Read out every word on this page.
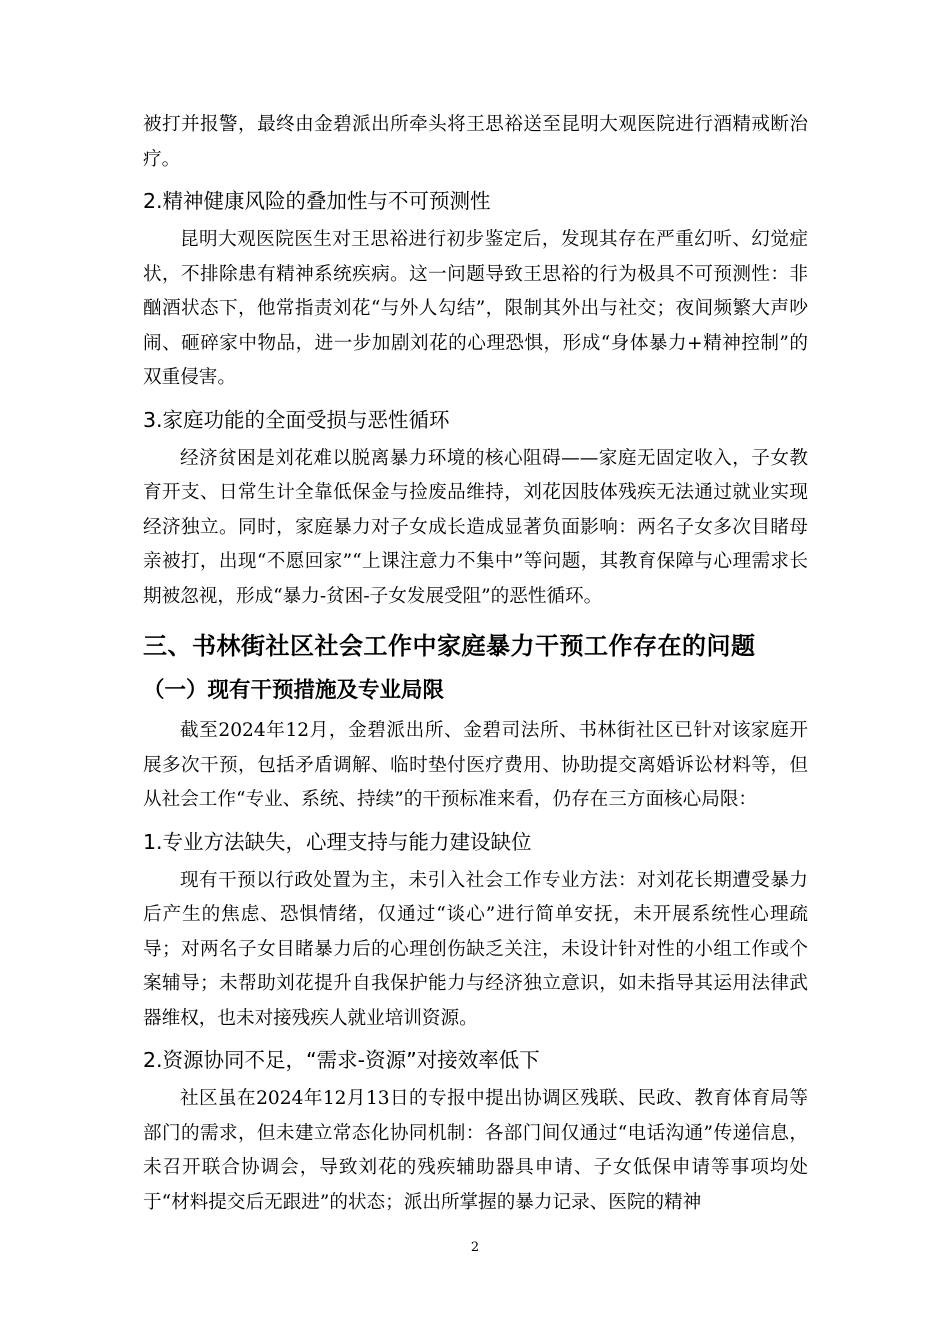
被打并报警，最终由金碧派出所牵头将王思裕送至昆明大观医院进行酒精戒断治疗。

2.精神健康风险的叠加性与不可预测性

昆明大观医院医生对王思裕进行初步鉴定后，发现其存在严重幻听、幻觉症状，不排除患有精神系统疾病。这一问题导致王思裕的行为极具不可预测性：非酗酒状态下，他常指责刘花“与外人勾结”，限制其外出与社交；夜间频繁大声吵闹、砸碎家中物品，进一步加剧刘花的心理恐惧，形成“身体暴力+精神控制”的双重侵害。

3.家庭功能的全面受损与恶性循环

经济贫困是刘花难以脱离暴力环境的核心阻碍——家庭无固定收入，子女教育开支、日常生计全靠低保金与捡废品维持，刘花因肢体残疾无法通过就业实现经济独立。同时，家庭暴力对子女成长造成显著负面影响：两名子女多次目睹母亲被打，出现“不愿回家”“上课注意力不集中”等问题，其教育保障与心理需求长期被忽视，形成“暴力-贫困-子女发展受阻”的恶性循环。

三、书林街社区社会工作中家庭暴力干预工作存在的问题
（一）现有干预措施及专业局限

截至2024年12月，金碧派出所、金碧司法所、书林街社区已针对该家庭开展多次干预，包括矛盾调解、临时垫付医疗费用、协助提交离婚诉讼材料等，但从社会工作“专业、系统、持续”的干预标准来看，仍存在三方面核心局限：

1.专业方法缺失，心理支持与能力建设缺位

现有干预以行政处置为主，未引入社会工作专业方法：对刘花长期遭受暴力后产生的焦虑、恐惧情绪，仅通过“谈心”进行简单安抚，未开展系统性心理疏导；对两名子女目睹暴力后的心理创伤缺乏关注，未设计针对性的小组工作或个案辅导；未帮助刘花提升自我保护能力与经济独立意识，如未指导其运用法律武器维权，也未对接残疾人就业培训资源。

2.资源协同不足，“需求-资源”对接效率低下

社区虽在2024年12月13日的专报中提出协调区残联、民政、教育体育局等部门的需求，但未建立常态化协同机制：各部门间仅通过“电话沟通”传递信息，未召开联合协调会，导致刘花的残疾辅助器具申请、子女低保申请等事项均处于“材料提交后无跟进”的状态；派出所掌握的暴力记录、医院的精神

2
